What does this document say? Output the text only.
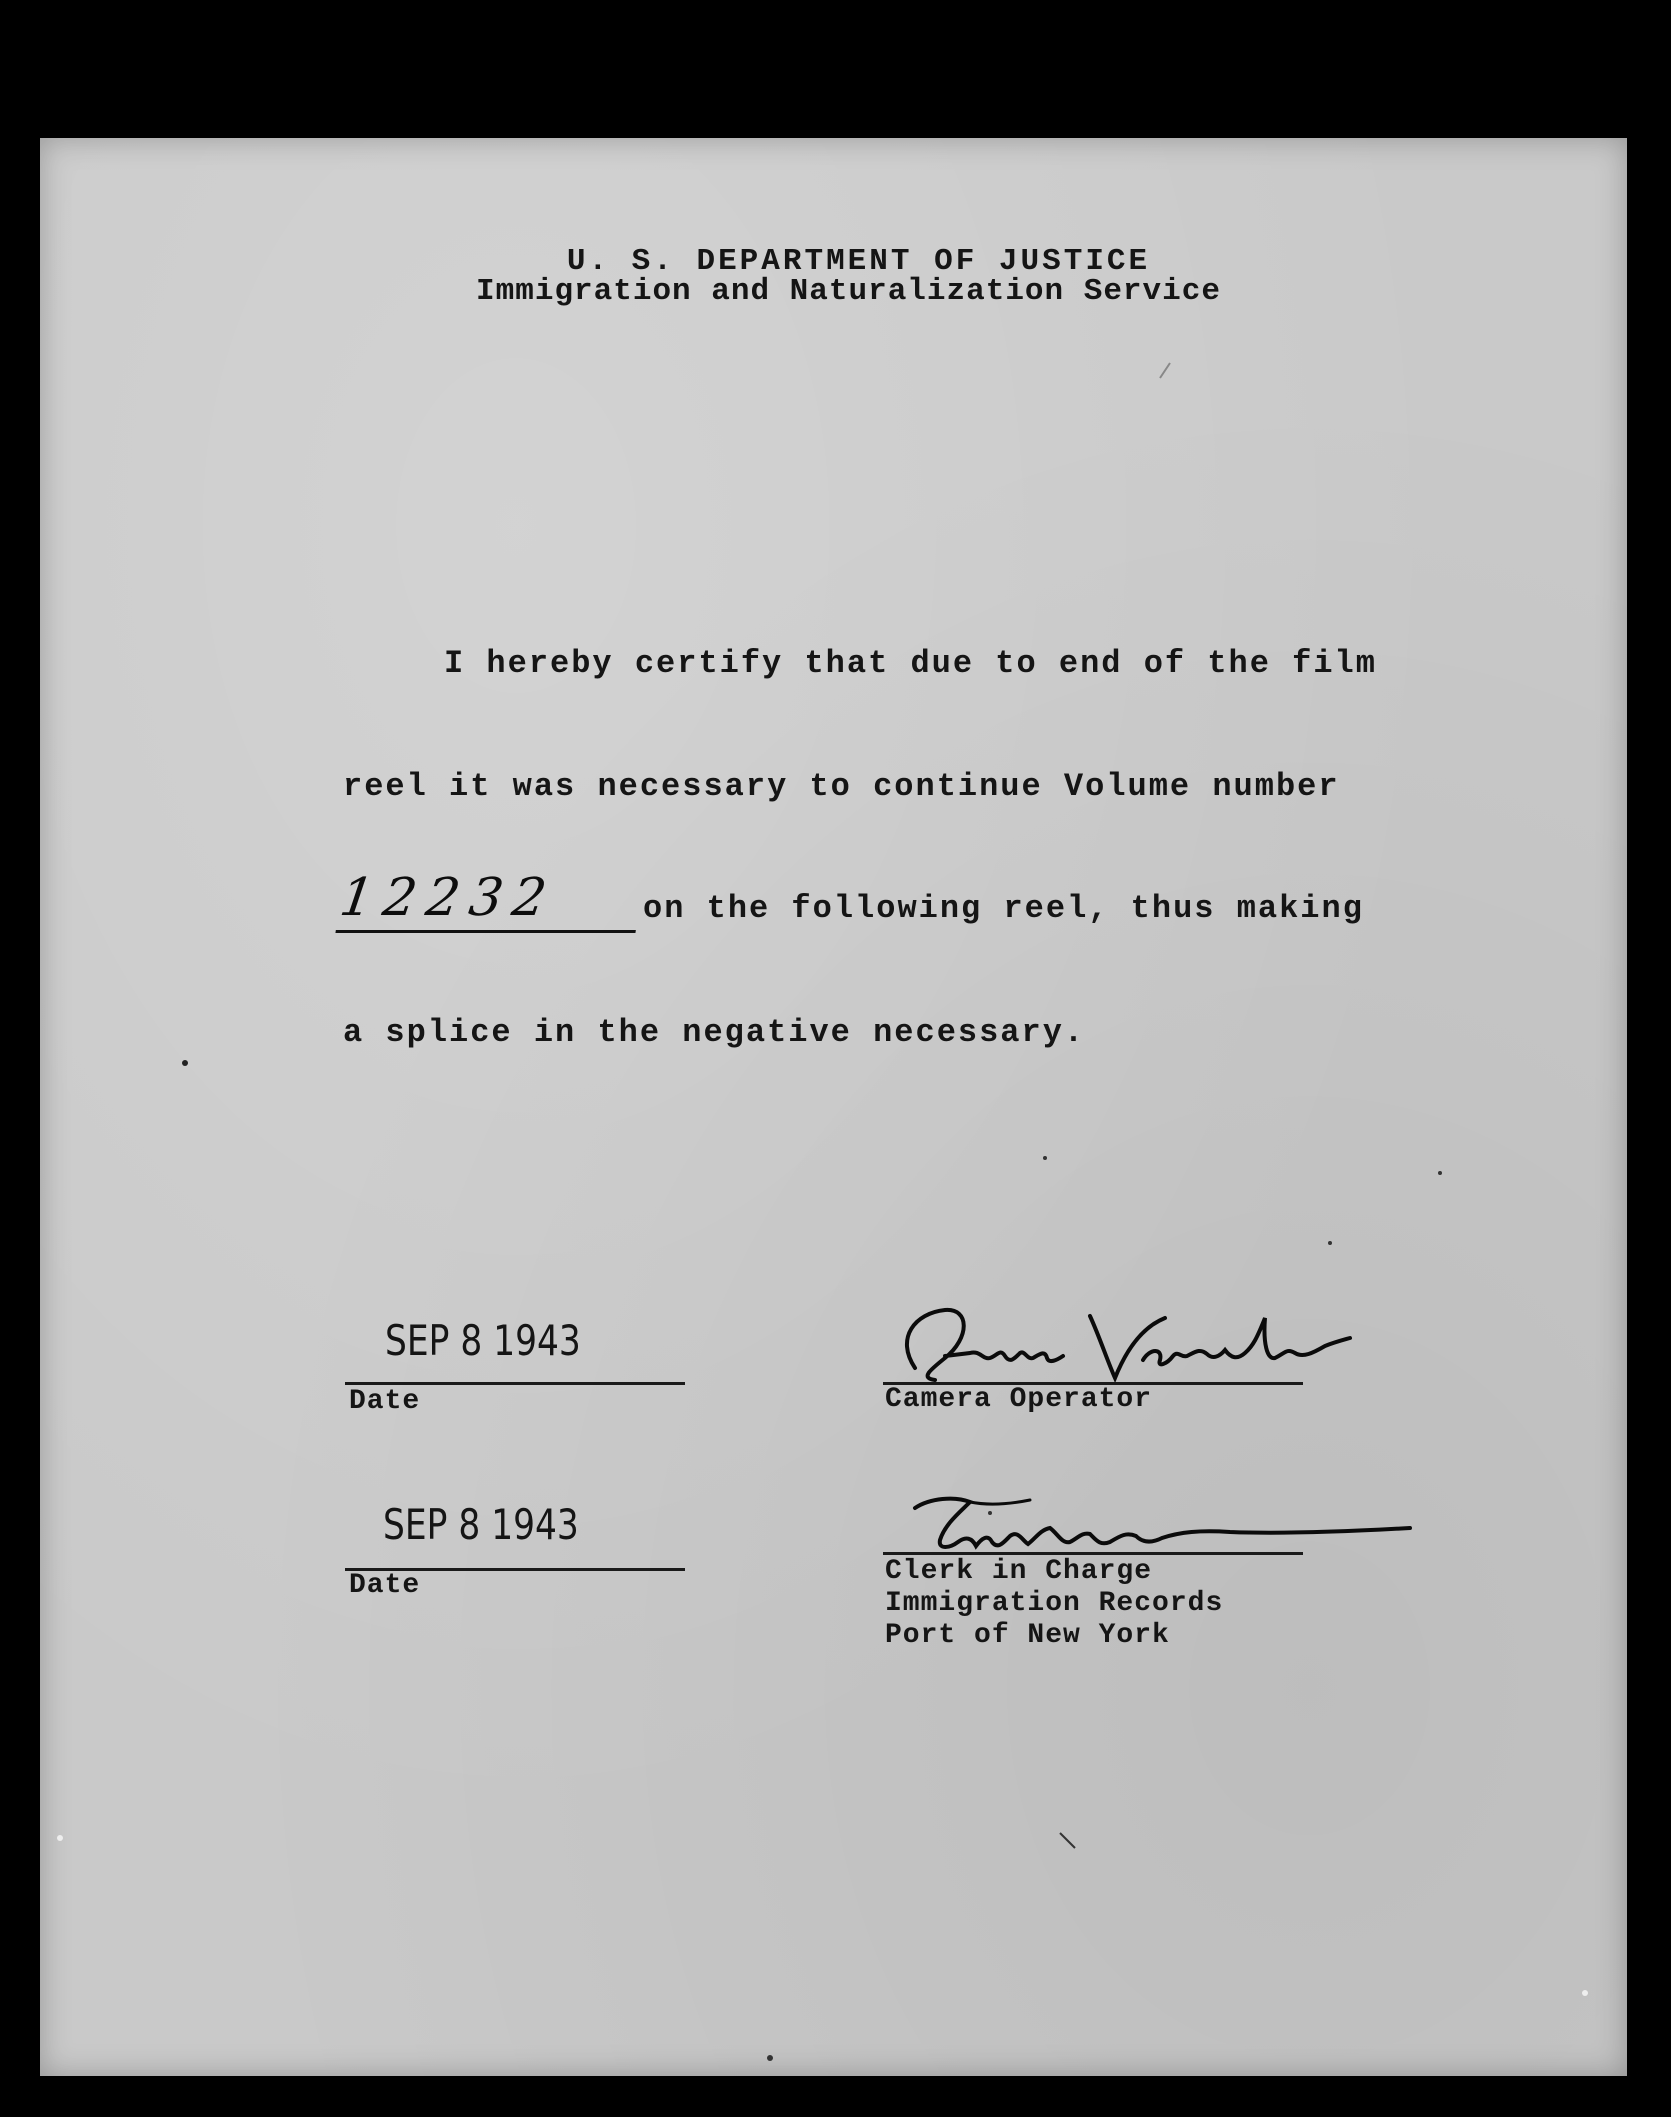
U. S. DEPARTMENT OF JUSTICE
Immigration and Naturalization Service
I hereby certify that due to end of the film
reel it was necessary to continue Volume number
12232	on the following reel, thus making
a splice in the negative necessary.
SEP 8 1943
Date
SEP 8 1943
Date
Camera Operator
Clerk in Charge
Immigration Records
Port of New York
